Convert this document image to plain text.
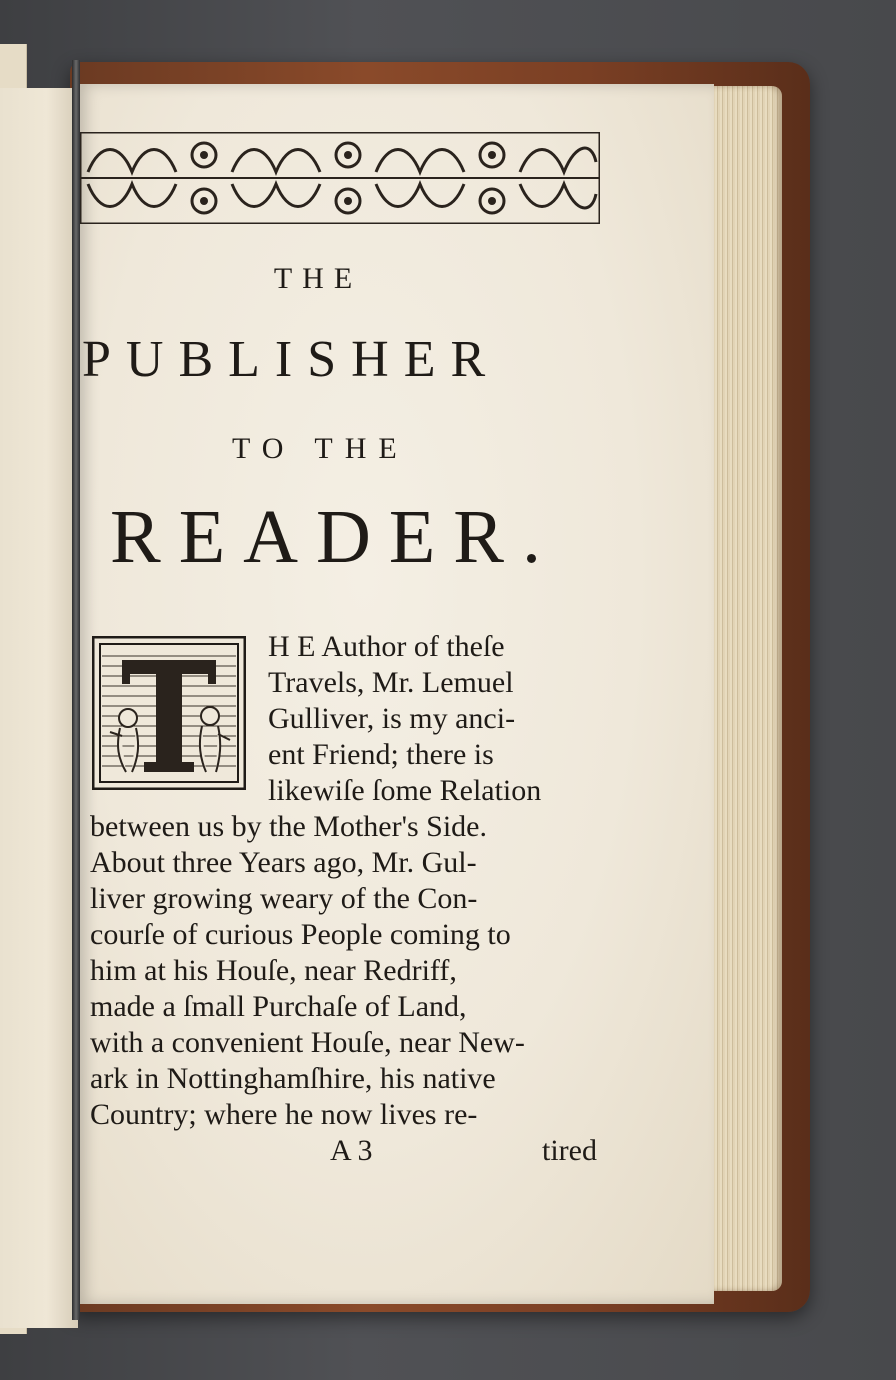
THE
PUBLISHER
TO THE
READER.
H E Author of theſe
Travels, Mr. Lemuel
Gulliver, is my anci-
ent Friend; there is
likewiſe ſome Relation
between us by the Mother's Side.
About three Years ago, Mr. Gul-
liver growing weary of the Con-
courſe of curious People coming to
him at his Houſe, near Redriff,
made a ſmall Purchaſe of Land,
with a convenient Houſe, near New-
ark in Nottinghamſhire, his native
Country; where he now lives re-
A 3	tired
